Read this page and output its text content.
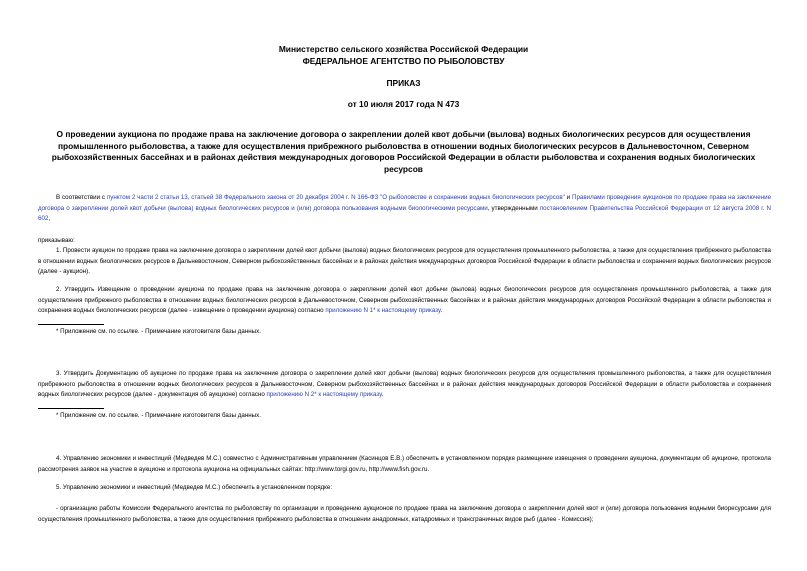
Министерство сельского хозяйства Российской Федерации
ФЕДЕРАЛЬНОЕ АГЕНТСТВО ПО РЫБОЛОВСТВУ
ПРИКАЗ
от 10 июля 2017 года N 473
О проведении аукциона по продаже права на заключение договора о закреплении долей квот добычи (вылова) водных биологических ресурсов для осуществления промышленного рыболовства, а также для осуществления прибрежного рыболовства в отношении водных биологических ресурсов в Дальневосточном, Северном рыбохозяйственных бассейнах и в районах действия международных договоров Российской Федерации в области рыболовства и сохранения водных биологических ресурсов
В соответствии с пунктом 2 части 2 статьи 13, статьей 38 Федерального закона от 20 декабря 2004 г. N 166-ФЗ "О рыболовстве и сохранении водных биологических ресурсов" и Правилами проведения аукционов по продаже права на заключение договора о закреплении долей квот добычи (вылова) водных биологических ресурсов и (или) договора пользования водными биологическими ресурсами, утвержденными постановлением Правительства Российской Федерации от 12 августа 2008 г. N 602,
приказываю:
1. Провести аукцион по продаже права на заключение договора о закреплении долей квот добычи (вылова) водных биологических ресурсов для осуществления промышленного рыболовства, а также для осуществления прибрежного рыболовства в отношении водных биологических ресурсов в Дальневосточном, Северном рыбохозяйственных бассейнах и в районах действия международных договоров Российской Федерации в области рыболовства и сохранения водных биологических ресурсов (далее - аукцион).
2. Утвердить Извещение о проведении аукциона по продаже права на заключение договора о закреплении долей квот добычи (вылова) водных биологических ресурсов для осуществления промышленного рыболовства, а также для осуществления прибрежного рыболовства в отношении водных биологических ресурсов в Дальневосточном, Северном рыбохозяйственных бассейнах и в районах действия международных договоров Российской Федерации в области рыболовства и сохранения водных биологических ресурсов (далее - извещение о проведении аукциона) согласно приложению N 1* к настоящему приказу.
* Приложение см. по ссылке. - Примечание изготовителя базы данных.
3. Утвердить Документацию об аукционе по продаже права на заключение договора о закреплении долей квот добычи (вылова) водных биологических ресурсов для осуществления промышленного рыболовства, а также для осуществления прибрежного рыболовства в отношении водных биологических ресурсов в Дальневосточном, Северном рыбохозяйственных бассейнах и в районах действия международных договоров Российской Федерации в области рыболовства и сохранения водных биологических ресурсов (далее - документация об аукционе) согласно приложению N 2* к настоящему приказу.
* Приложение см. по ссылке. - Примечание изготовителя базы данных.
4. Управлению экономики и инвестиций (Медведев М.С.) совместно с Административным управлением (Касинцов Е.В.) обеспечить в установленном порядке размещение извещения о проведении аукциона, документации об аукционе, протокола рассмотрения заявок на участие в аукционе и протокола аукциона на официальных сайтах: http://www.torgi.gov.ru, http://www.fish.gov.ru.
5. Управлению экономики и инвестиций (Медведев М.С.) обеспечить в установленном порядке:
- организацию работы Комиссии Федерального агентства по рыболовству по организации и проведению аукционов по продаже права на заключение договора о закреплении долей квот и (или) договора пользования водными биоресурсами для осуществления промышленного рыболовства, а также для осуществления прибрежного рыболовства в отношении анадромных, катадромных и трансграничных видов рыб (далее - Комиссия);
